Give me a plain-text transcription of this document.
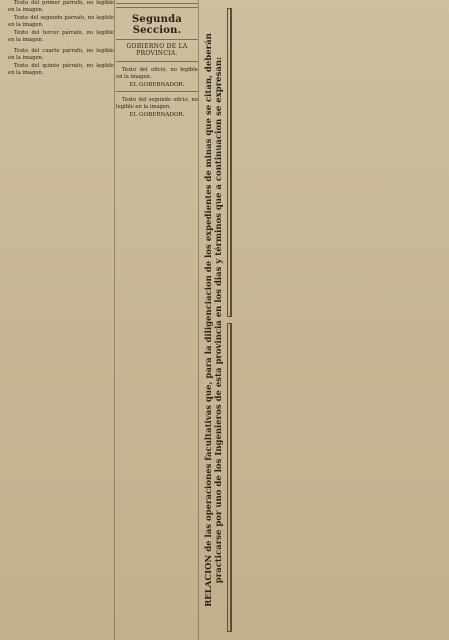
Texto del primer párrafo, no legible en la imagen.

Texto del segundo párrafo, no legible en la imagen.

Texto del tercer párrafo, no legible en la imagen.

Texto del cuarto párrafo, no legible en la imagen.

Texto del quinto párrafo, no legible en la imagen.

Segunda Seccion.
GOBIERNO DE LA PROVINCIA.

Texto del oficio, no legible en la imagen.

EL GOBERNADOR.

Texto del segundo oficio, no legible en la imagen.

EL GOBERNADOR.	RELACION de las operaciones facultativas que, para la diligenciacion de los expedientes de minas que se citan, deberán practicarse por uno de los Ingenieros de esta provincia en los dias y términos que a continuacion se expresan:
